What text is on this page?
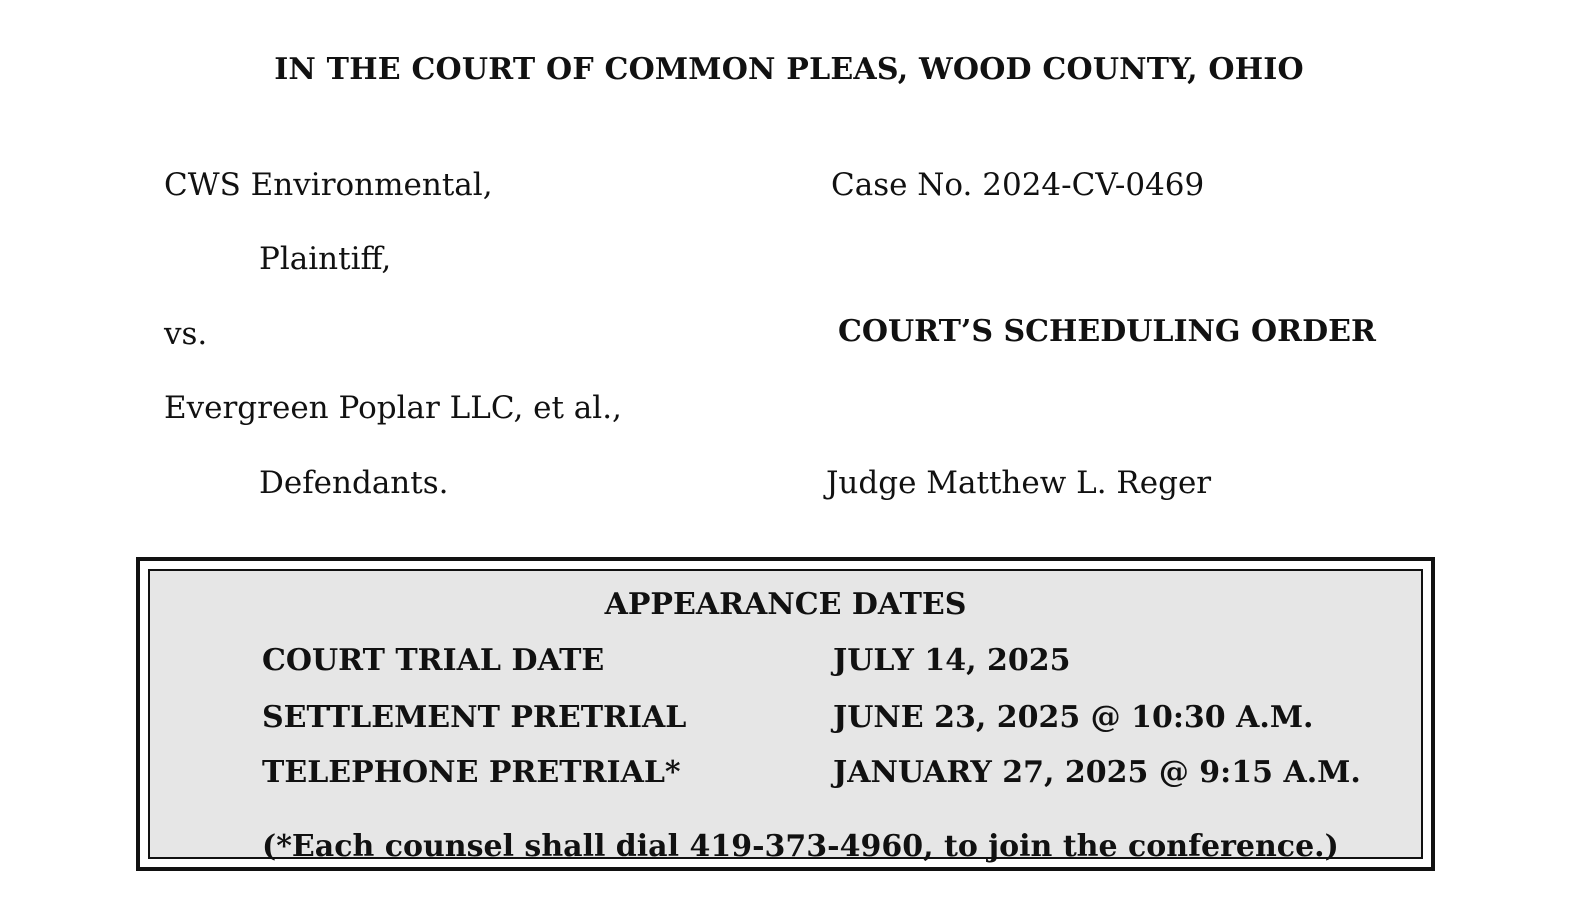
IN THE COURT OF COMMON PLEAS, WOOD COUNTY, OHIO
CWS Environmental,
Plaintiff,
vs.
Evergreen Poplar LLC, et al.,
Defendants.
Case No. 2024-CV-0469
COURT’S SCHEDULING ORDER
Judge Matthew L. Reger
APPEARANCE DATES
COURT TRIAL DATE	JULY 14, 2025
SETTLEMENT PRETRIAL	JUNE 23, 2025 @ 10:30 A.M.
TELEPHONE PRETRIAL*	JANUARY 27, 2025 @ 9:15 A.M.
(*Each counsel shall dial 419-373-4960, to join the conference.)
